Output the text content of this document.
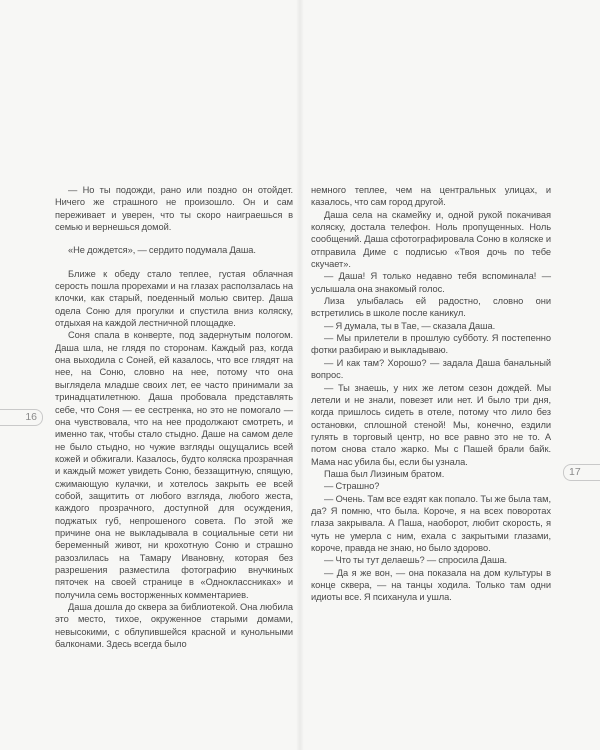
— Но ты подожди, рано или поздно он отойдет. Ничего же страшного не произошло. Он и сам переживает и уверен, что ты скоро наиграешься в семью и вернешься домой.

«Не дождется», — сердито подумала Даша.

Ближе к обеду стало теплее, густая облачная серость пошла прорехами и на глазах расползалась на клочки, как старый, поеденный молью свитер. Даша одела Соню для прогулки и спустила вниз коляску, отдыхая на каждой лестничной площадке.

Соня спала в конверте, под задернутым пологом. Даша шла, не глядя по сторонам. Каждый раз, когда она выходила с Соней, ей казалось, что все глядят на нее, на Соню, словно на нее, потому что она выглядела младше своих лет, ее часто принимали за тринадцатилетнюю. Даша пробовала представлять себе, что Соня — ее сестренка, но это не помогало — она чувствовала, что на нее продолжают смотреть, и именно так, чтобы стало стыдно. Даше на самом деле не было стыдно, но чужие взгляды ощущались всей кожей и обжигали. Казалось, будто коляска прозрачная и каждый может увидеть Соню, беззащитную, спящую, сжимающую кулачки, и хотелось закрыть ее всей собой, защитить от любого взгляда, любого жеста, каждого прозрачного, доступной для осуждения, поджатых губ, непрошеного совета. По этой же причине она не выкладывала в социальные сети ни беременный живот, ни крохотную Соню и страшно разозлилась на Тамару Ивановну, которая без разрешения разместила фотографию внучкиных пяточек на своей странице в «Одноклассниках» и получила семь восторженных комментариев.

Даша дошла до сквера за библиотекой. Она любила это место, тихое, окруженное старыми домами, невысокими, с облупившейся красной и кунольными балконами. Здесь всегда было

немного теплее, чем на центральных улицах, и казалось, что сам город другой.

Даша села на скамейку и, одной рукой покачивая коляску, достала телефон. Ноль пропущенных. Ноль сообщений. Даша сфотографировала Соню в коляске и отправила Диме с подписью «Твоя дочь по тебе скучает».

— Даша! Я только недавно тебя вспоминала! — услышала она знакомый голос.

Лиза улыбалась ей радостно, словно они встретились в школе после каникул.

— Я думала, ты в Тае, — сказала Даша.

— Мы прилетели в прошлую субботу. Я постепенно фотки разбираю и выкладываю.

— И как там? Хорошо? — задала Даша банальный вопрос.

— Ты знаешь, у них же летом сезон дождей. Мы летели и не знали, повезет или нет. И было три дня, когда пришлось сидеть в отеле, потому что лило без остановки, сплошной стеной! Мы, конечно, ездили гулять в торговый центр, но все равно это не то. А потом снова стало жарко. Мы с Пашей брали байк. Мама нас убила бы, если бы узнала.

Паша был Лизиным братом.

— Страшно?

— Очень. Там все ездят как попало. Ты же была там, да? Я помню, что была. Короче, я на всех поворотах глаза закрывала. А Паша, наоборот, любит скорость, я чуть не умерла с ним, ехала с закрытыми глазами, короче, правда не знаю, но было здорово.

— Что ты тут делаешь? — спросила Даша.

— Да я же вон, — она показала на дом культуры в конце сквера, — на танцы ходила. Только там одни идиоты все. Я психанула и ушла.

16
17
